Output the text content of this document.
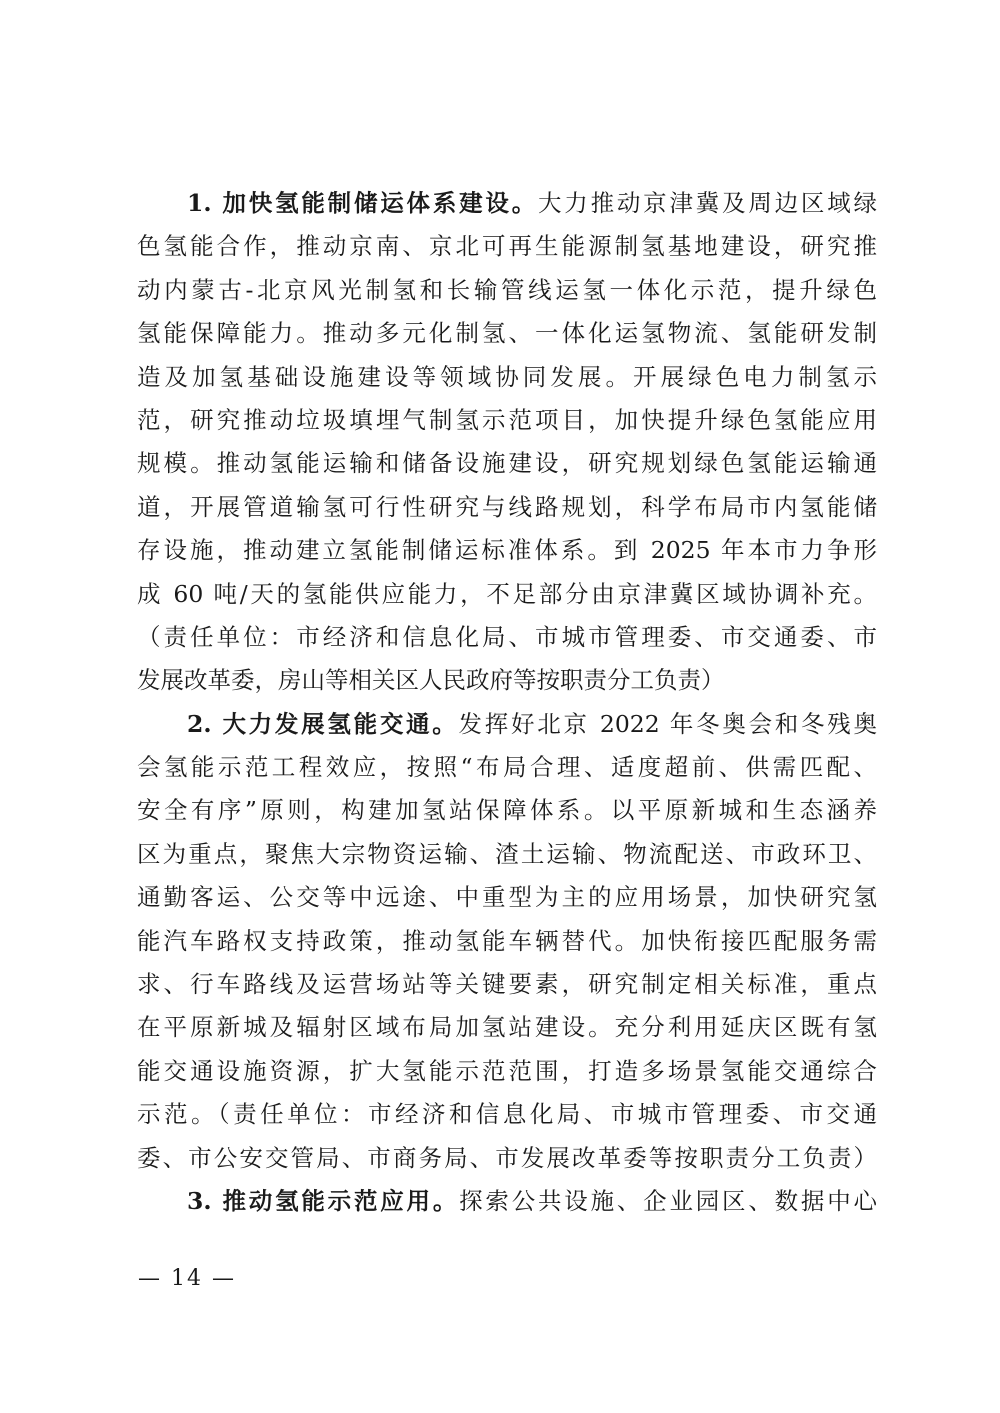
1. 加快氢能制储运体系建设。大力推动京津冀及周边区域绿
色氢能合作，推动京南、京北可再生能源制氢基地建设，研究推
动内蒙古-北京风光制氢和长输管线运氢一体化示范，提升绿色
氢能保障能力。推动多元化制氢、一体化运氢物流、氢能研发制
造及加氢基础设施建设等领域协同发展。开展绿色电力制氢示
范，研究推动垃圾填埋气制氢示范项目，加快提升绿色氢能应用
规模。推动氢能运输和储备设施建设，研究规划绿色氢能运输通
道，开展管道输氢可行性研究与线路规划，科学布局市内氢能储
存设施，推动建立氢能制储运标准体系。到 2025 年本市力争形
成 60 吨/天的氢能供应能力，不足部分由京津冀区域协调补充。
（责任单位：市经济和信息化局、市城市管理委、市交通委、市
发展改革委，房山等相关区人民政府等按职责分工负责）
2. 大力发展氢能交通。发挥好北京 2022 年冬奥会和冬残奥
会氢能示范工程效应，按照“布局合理、适度超前、供需匹配、
安全有序”原则，构建加氢站保障体系。以平原新城和生态涵养
区为重点，聚焦大宗物资运输、渣土运输、物流配送、市政环卫、
通勤客运、公交等中远途、中重型为主的应用场景，加快研究氢
能汽车路权支持政策，推动氢能车辆替代。加快衔接匹配服务需
求、行车路线及运营场站等关键要素，研究制定相关标准，重点
在平原新城及辐射区域布局加氢站建设。充分利用延庆区既有氢
能交通设施资源，扩大氢能示范范围，打造多场景氢能交通综合
示范。（责任单位：市经济和信息化局、市城市管理委、市交通
委、市公安交管局、市商务局、市发展改革委等按职责分工负责）
3. 推动氢能示范应用。探索公共设施、企业园区、数据中心
— 14 —
